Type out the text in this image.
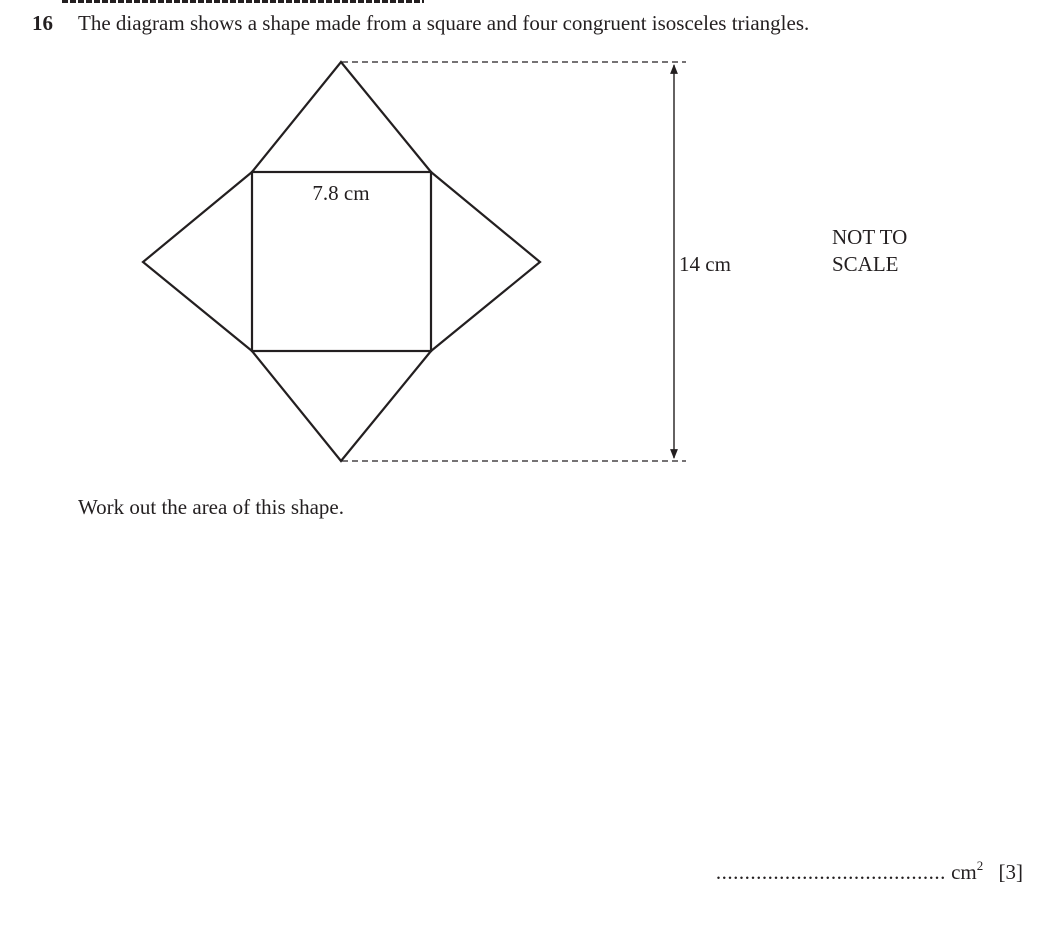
16 The diagram shows a shape made from a square and four congruent isosceles triangles.
7.8 cm
14 cm
NOT TO
SCALE
Work out the area of this shape.
........................................ $cm^2$ [3]
